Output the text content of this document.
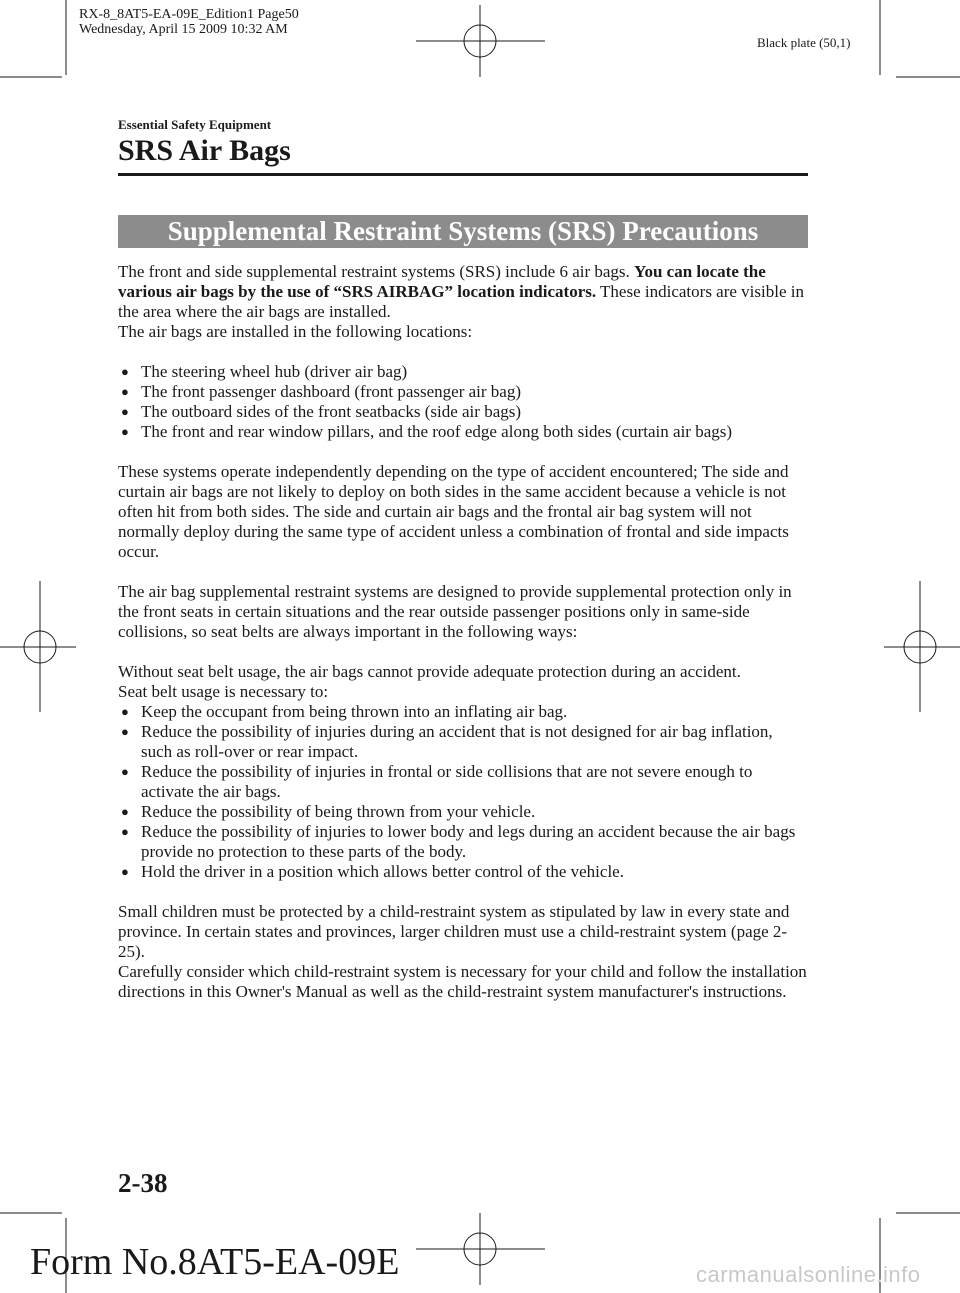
RX-8_8AT5-EA-09E_Edition1 Page50
Wednesday, April 15 2009 10:32 AM
Black plate (50,1)
Essential Safety Equipment
SRS Air Bags
Supplemental Restraint Systems (SRS) Precautions

The front and side supplemental restraint systems (SRS) include 6 air bags. You can locate the various air bags by the use of “SRS AIRBAG” location indicators. These indicators are visible in the area where the air bags are installed.

The air bags are installed in the following locations:

● The steering wheel hub (driver air bag)
● The front passenger dashboard (front passenger air bag)
● The outboard sides of the front seatbacks (side air bags)
● The front and rear window pillars, and the roof edge along both sides (curtain air bags)

These systems operate independently depending on the type of accident encountered; The side and curtain air bags are not likely to deploy on both sides in the same accident because a vehicle is not often hit from both sides. The side and curtain air bags and the frontal air bag system will not normally deploy during the same type of accident unless a combination of frontal and side impacts occur.

The air bag supplemental restraint systems are designed to provide supplemental protection only in the front seats in certain situations and the rear outside passenger positions only in same-side collisions, so seat belts are always important in the following ways:

Without seat belt usage, the air bags cannot provide adequate protection during an accident.

Seat belt usage is necessary to:

● Keep the occupant from being thrown into an inflating air bag.
● Reduce the possibility of injuries during an accident that is not designed for air bag inflation, such as roll-over or rear impact.
● Reduce the possibility of injuries in frontal or side collisions that are not severe enough to activate the air bags.
● Reduce the possibility of being thrown from your vehicle.
● Reduce the possibility of injuries to lower body and legs during an accident because the air bags provide no protection to these parts of the body.
● Hold the driver in a position which allows better control of the vehicle.

Small children must be protected by a child-restraint system as stipulated by law in every state and province. In certain states and provinces, larger children must use a child-restraint system (page 2-25).

Carefully consider which child-restraint system is necessary for your child and follow the installation directions in this Owner's Manual as well as the child-restraint system manufacturer's instructions.

2-38
Form No.8AT5-EA-09E	carmanualsonline.info
